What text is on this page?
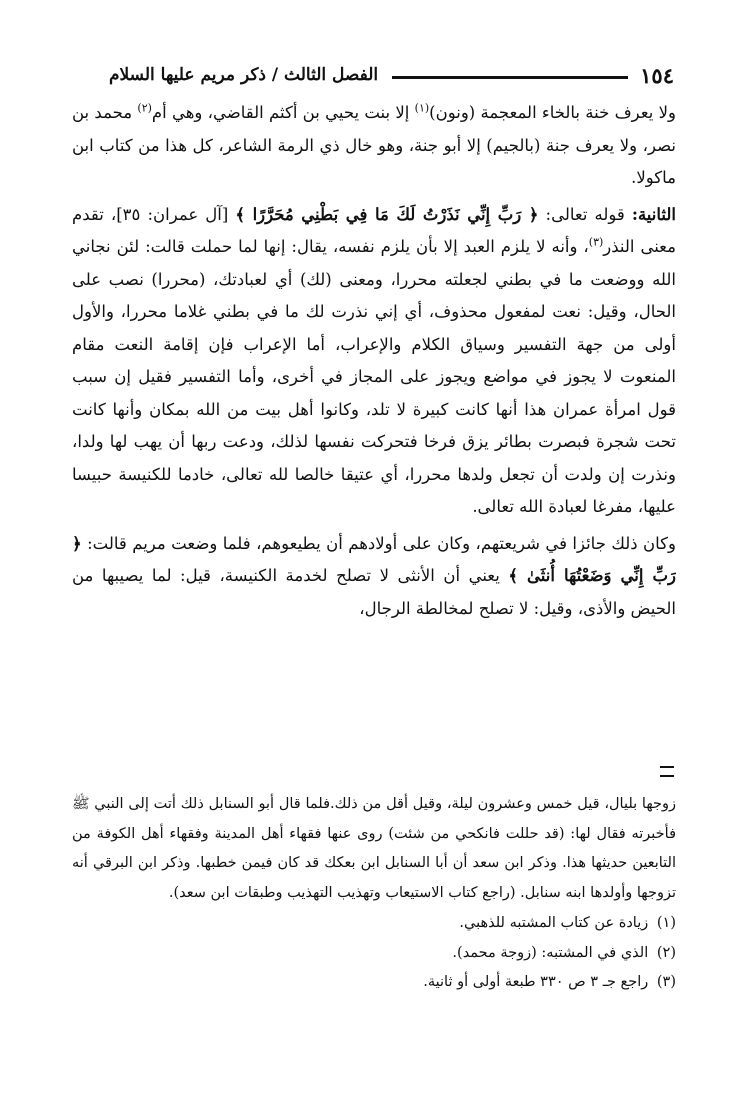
١٥٤
الفصل الثالث / ذكر مريم عليها السلام

ولا يعرف خنة بالخاء المعجمة (ونون)$^{(١)}$ إلا بنت يحيي بن أكثم القاضي، وهي أم$^{(٢)}$ محمد بن نصر، ولا يعرف جنة (بالجيم) إلا أبو جنة، وهو خال ذي الرمة الشاعر، كل هذا من كتاب ابن ماكولا.

الثانية: قوله تعالى: ﴿ رَبِّ إِنِّي نَذَرْتُ لَكَ مَا فِي بَطْنِي مُحَرَّرًا ﴾ [آل عمران: ٣٥]، تقدم معنى النذر$^{(٣)}$، وأنه لا يلزم العبد إلا بأن يلزم نفسه، يقال: إنها لما حملت قالت: لئن نجاني الله ووضعت ما في بطني لجعلته محررا، ومعنى (لك) أي لعبادتك، (محررا) نصب على الحال، وقيل: نعت لمفعول محذوف، أي إني نذرت لك ما في بطني غلاما محررا، والأول أولى من جهة التفسير وسياق الكلام والإعراب، أما الإعراب فإن إقامة النعت مقام المنعوت لا يجوز في مواضع ويجوز على المجاز في أخرى، وأما التفسير فقيل إن سبب قول امرأة عمران هذا أنها كانت كبيرة لا تلد، وكانوا أهل بيت من الله بمكان وأنها كانت تحت شجرة فبصرت بطائر يزق فرخا فتحركت نفسها لذلك، ودعت ربها أن يهب لها ولدا، ونذرت إن ولدت أن تجعل ولدها محررا، أي عتيقا خالصا لله تعالى، خادما للكنيسة حبيسا عليها، مفرغا لعبادة الله تعالى.

وكان ذلك جائزا في شريعتهم، وكان على أولادهم أن يطيعوهم، فلما وضعت مريم قالت: ﴿ رَبِّ إِنِّي وَضَعْتُهَا أُنثَىٰ ﴾ يعني أن الأنثى لا تصلح لخدمة الكنيسة، قيل: لما يصيبها من الحيض والأذى، وقيل: لا تصلح لمخالطة الرجال،

زوجها بليال، قيل خمس وعشرون ليلة، وقيل أقل من ذلك.فلما قال أبو السنابل ذلك أتت إلى النبي ﷺ فأخبرته فقال لها: (قد حللت فانكحي من شئت) روى عنها فقهاء أهل المدينة وفقهاء أهل الكوفة من التابعين حديثها هذا. وذكر ابن سعد أن أبا السنابل ابن بعكك قد كان فيمن خطبها. وذكر ابن البرقي أنه تزوجها وأولدها ابنه سنابل. (راجع كتاب الاستيعاب وتهذيب التهذيب وطبقات ابن سعد).

(١) زيادة عن كتاب المشتبه للذهبي.
(٢) الذي في المشتبه: (زوجة محمد).
(٣) راجع جـ ٣ ص ٣٣٠ طبعة أولى أو ثانية.
